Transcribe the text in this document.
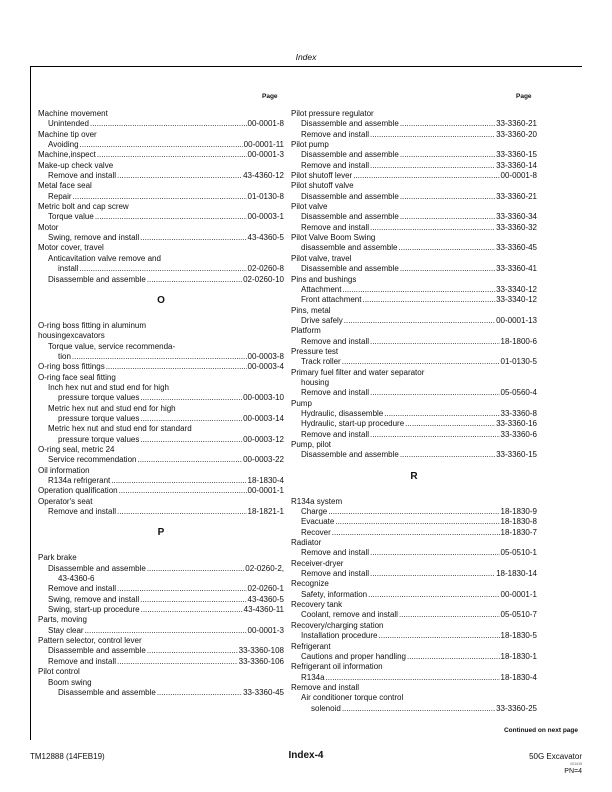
Index
Page	Page
Machine movement
Unintended .....	00-0001-8
Machine tip over
Avoiding .....	00-0001-11
Machine,inspect .....	00-0001-3
Make-up check valve
Remove and install .....	43-4360-12
Metal face seal
Repair .....	01-0130-8
Metric bolt and cap screw
Torque value .....	00-0003-1
Motor
Swing, remove and install .....	43-4360-5
Motor cover, travel
Anticavitation valve remove and
install .....	02-0260-8
Disassemble and assemble .....	02-0260-10
O
O-ring boss fitting in aluminum
housingexcavators
Torque value, service recommenda-
tion .....	00-0003-8
O-ring boss fittings .....	00-0003-4
O-ring face seal fitting
Inch hex nut and stud end for high
pressure torque values .....	00-0003-10
Metric hex nut and stud end for high
pressure torque values .....	00-0003-14
Metric hex nut and stud end for standard
pressure torque values .....	00-0003-12
O-ring seal, metric 24
Service recommendation .....	00-0003-22
Oil information
R134a refrigerant .....	18-1830-4
Operation qualification .....	00-0001-1
Operator's seat
Remove and install .....	18-1821-1
P
Park brake
Disassemble and assemble .....	02-0260-2,
43-4360-6
Remove and install .....	02-0260-1
Swing, remove and install .....	43-4360-5
Swing, start-up procedure .....	43-4360-11
Parts, moving
Stay clear .....	00-0001-3
Pattern selector, control lever
Disassemble and assemble .....	33-3360-108
Remove and install .....	33-3360-106
Pilot control
Boom swing
Disassemble and assemble .....	33-3360-45
Pilot pressure regulator
Disassemble and assemble .....	33-3360-21
Remove and install .....	33-3360-20
Pilot pump
Disassemble and assemble .....	33-3360-15
Remove and install .....	33-3360-14
Pilot shutoff lever .....	00-0001-8
Pilot shutoff valve
Disassemble and assemble .....	33-3360-21
Pilot valve
Disassemble and assemble .....	33-3360-34
Remove and install .....	33-3360-32
Pilot Valve Boom Swing
disassemble and assemble .....	33-3360-45
Pilot valve, travel
Disassemble and assemble .....	33-3360-41
Pins and bushings
Attachment .....	33-3340-12
Front attachment .....	33-3340-12
Pins, metal
Drive safely .....	00-0001-13
Platform
Remove and install .....	18-1800-6
Pressure test
Track roller .....	01-0130-5
Primary fuel filter and water separator
housing
Remove and install .....	05-0560-4
Pump
Hydraulic, disassemble .....	33-3360-8
Hydraulic, start-up procedure .....	33-3360-16
Remove and install .....	33-3360-6
Pump, pilot
Disassemble and assemble .....	33-3360-15
R
R134a system
Charge .....	18-1830-9
Evacuate .....	18-1830-8
Recover .....	18-1830-7
Radiator
Remove and install .....	05-0510-1
Receiver-dryer
Remove and install .....	18-1830-14
Recognize
Safety, information .....	00-0001-1
Recovery tank
Coolant, remove and install .....	05-0510-7
Recovery/charging station
Installation procedure .....	18-1830-5
Refrigerant
Cautions and proper handling .....	18-1830-1
Refrigerant oil information
R134a .....	18-1830-4
Remove and install
Air conditioner torque control
solenoid .....	33-3360-25
Continued on next page
TM12888 (14FEB19)	Index-4	50G Excavator
021419
PN=4
